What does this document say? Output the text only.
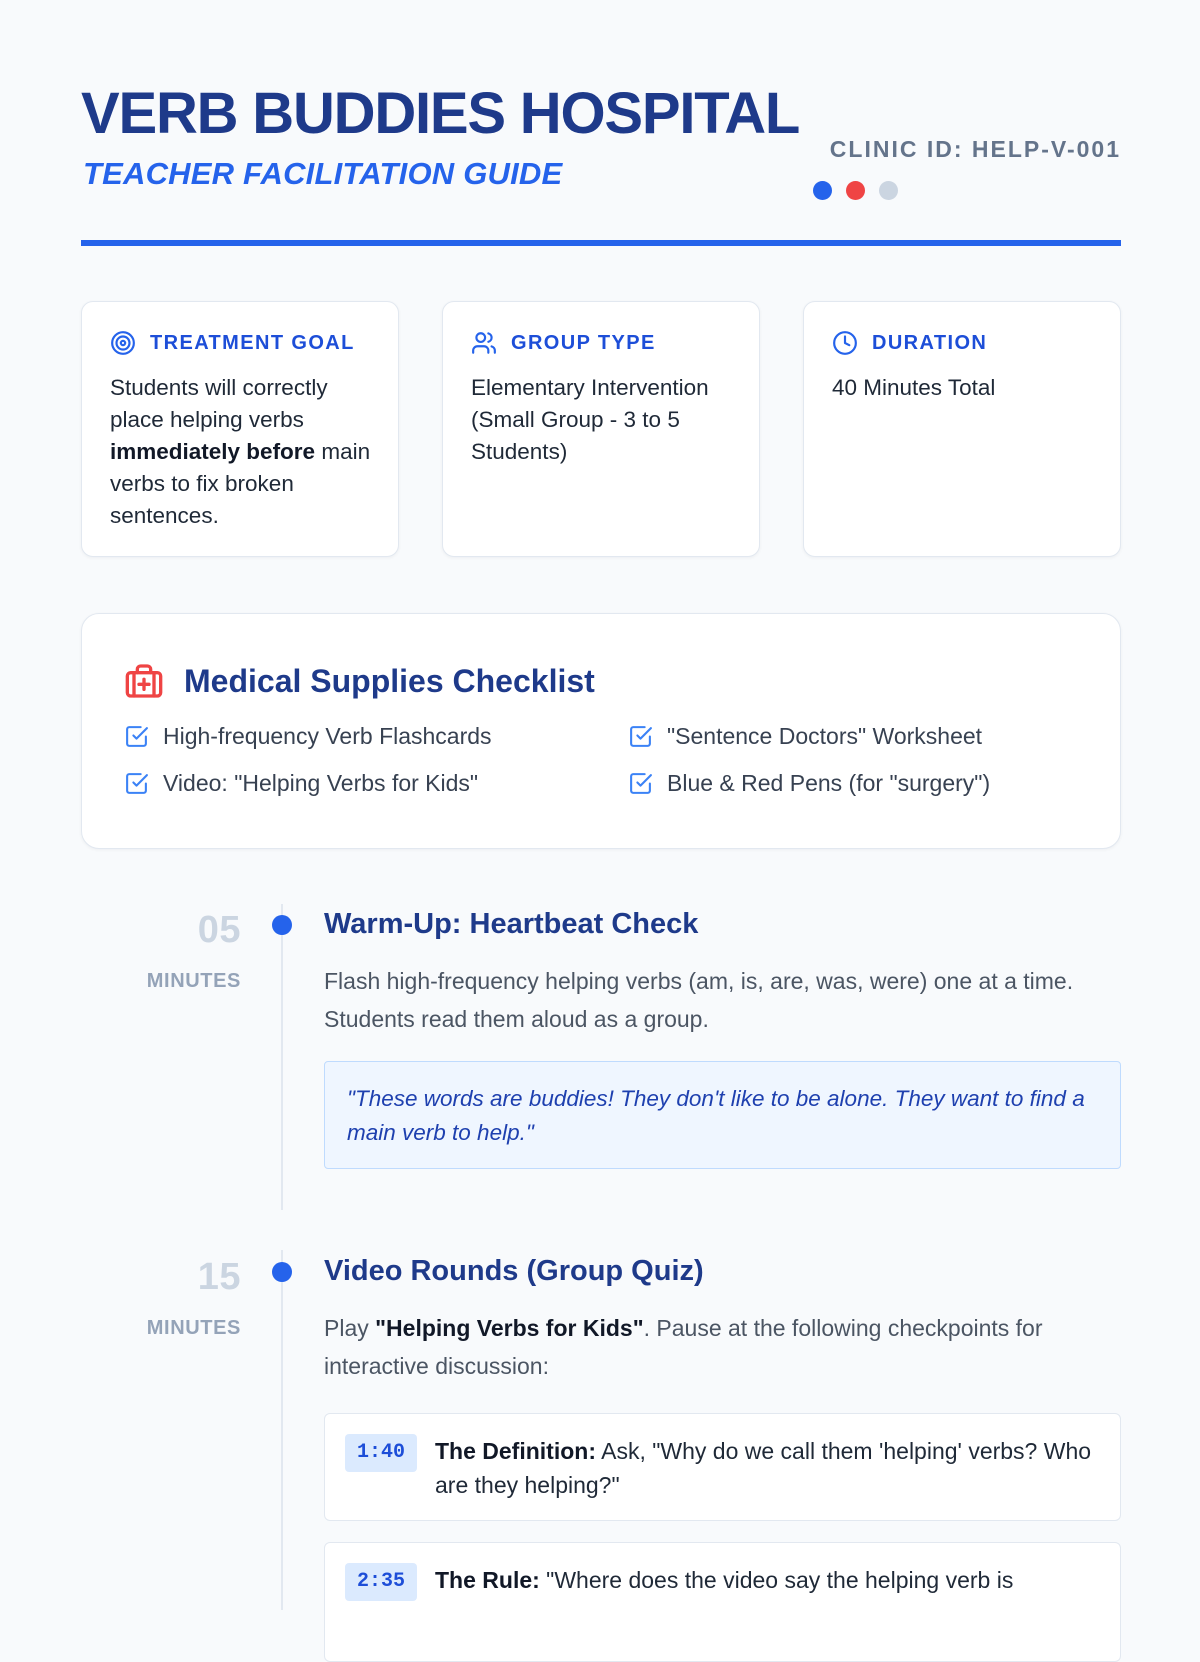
VERB BUDDIES HOSPITAL
TEACHER FACILITATION GUIDE
CLINIC ID: HELP-V-001
TREATMENT GOAL
Students will correctly place helping verbs immediately before main verbs to fix broken sentences.
GROUP TYPE
Elementary Intervention (Small Group - 3 to 5 Students)
DURATION
40 Minutes Total
Medical Supplies Checklist
High-frequency Verb Flashcards	"Sentence Doctors" Worksheet
Video: "Helping Verbs for Kids"	Blue & Red Pens (for "surgery")
05
MINUTES
Warm-Up: Heartbeat Check
Flash high-frequency helping verbs (am, is, are, was, were) one at a time. Students read them aloud as a group.
"These words are buddies! They don't like to be alone. They want to find a main verb to help."
15
MINUTES
Video Rounds (Group Quiz)
Play "Helping Verbs for Kids". Pause at the following checkpoints for interactive discussion:
1:40	The Definition: Ask, "Why do we call them 'helping' verbs? Who are they helping?"
2:35	The Rule: "Where does the video say the helping verb is
